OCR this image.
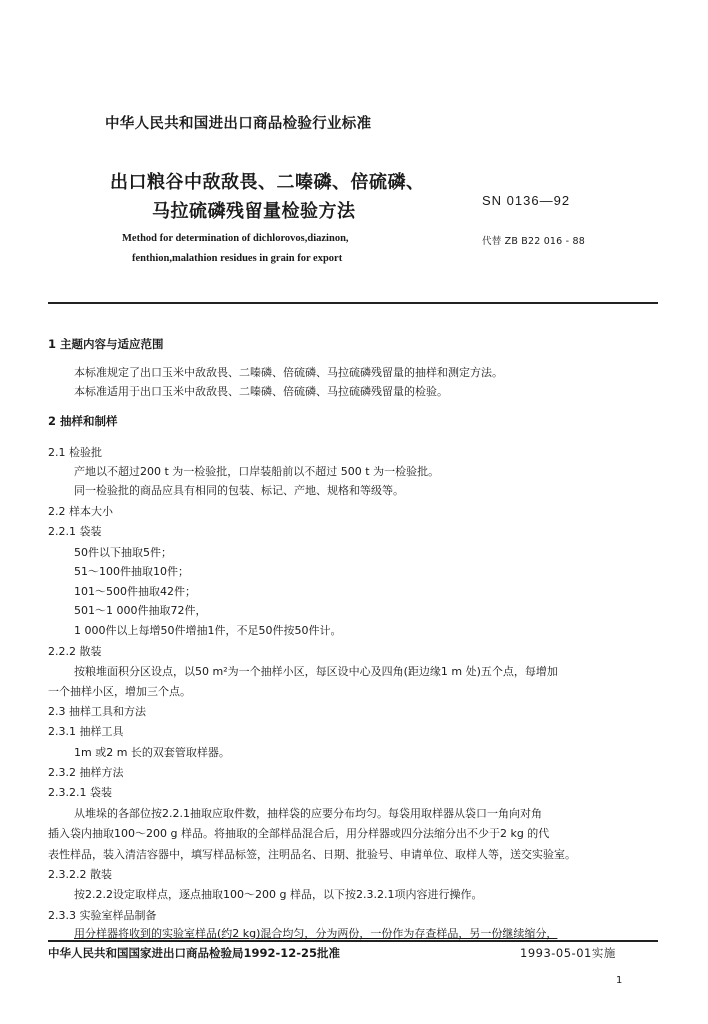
中华人民共和国进出口商品检验行业标准
出口粮谷中敌敌畏、二嗪磷、倍硫磷、
马拉硫磷残留量检验方法
SN 0136—92
Method for determination of dichlorovos,diazinon,
fenthion,malathion residues in grain for export
代替 ZB B22 016 - 88
1 主题内容与适应范围
本标准规定了出口玉米中敌敌畏、二嗪磷、倍硫磷、马拉硫磷残留量的抽样和测定方法。
本标准适用于出口玉米中敌敌畏、二嗪磷、倍硫磷、马拉硫磷残留量的检验。
2 抽样和制样
2.1 检验批
产地以不超过200 t 为一检验批，口岸装船前以不超过 500 t 为一检验批。
同一检验批的商品应具有相同的包装、标记、产地、规格和等级等。
2.2 样本大小
2.2.1 袋装
50件以下抽取5件；
51～100件抽取10件；
101～500件抽取42件；
501～1 000件抽取72件，
1 000件以上每增50件增抽1件，不足50件按50件计。
2.2.2 散装
按粮堆面积分区设点，以50 m²为一个抽样小区，每区设中心及四角(距边缘1 m 处)五个点，每增加
一个抽样小区，增加三个点。
2.3 抽样工具和方法
2.3.1 抽样工具
1m 或2 m 长的双套管取样器。
2.3.2 抽样方法
2.3.2.1 袋装
从堆垛的各部位按2.2.1抽取应取件数，抽样袋的应要分布均匀。每袋用取样器从袋口一角向对角
插入袋内抽取100～200 g 样品。将抽取的全部样品混合后，用分样器或四分法缩分出不少于2 kg 的代
表性样品，装入清洁容器中，填写样品标签，注明品名、日期、批验号、申请单位、取样人等，送交实验室。
2.3.2.2 散装
按2.2.2设定取样点，逐点抽取100～200 g 样品，以下按2.3.2.1项内容进行操作。
2.3.3 实验室样品制备
用分样器将收到的实验室样品(约2 kg)混合均匀，分为两份，一份作为存查样品，另一份继续缩分，
中华人民共和国国家进出口商品检验局1992-12-25批准	1993-05-01实施
1
